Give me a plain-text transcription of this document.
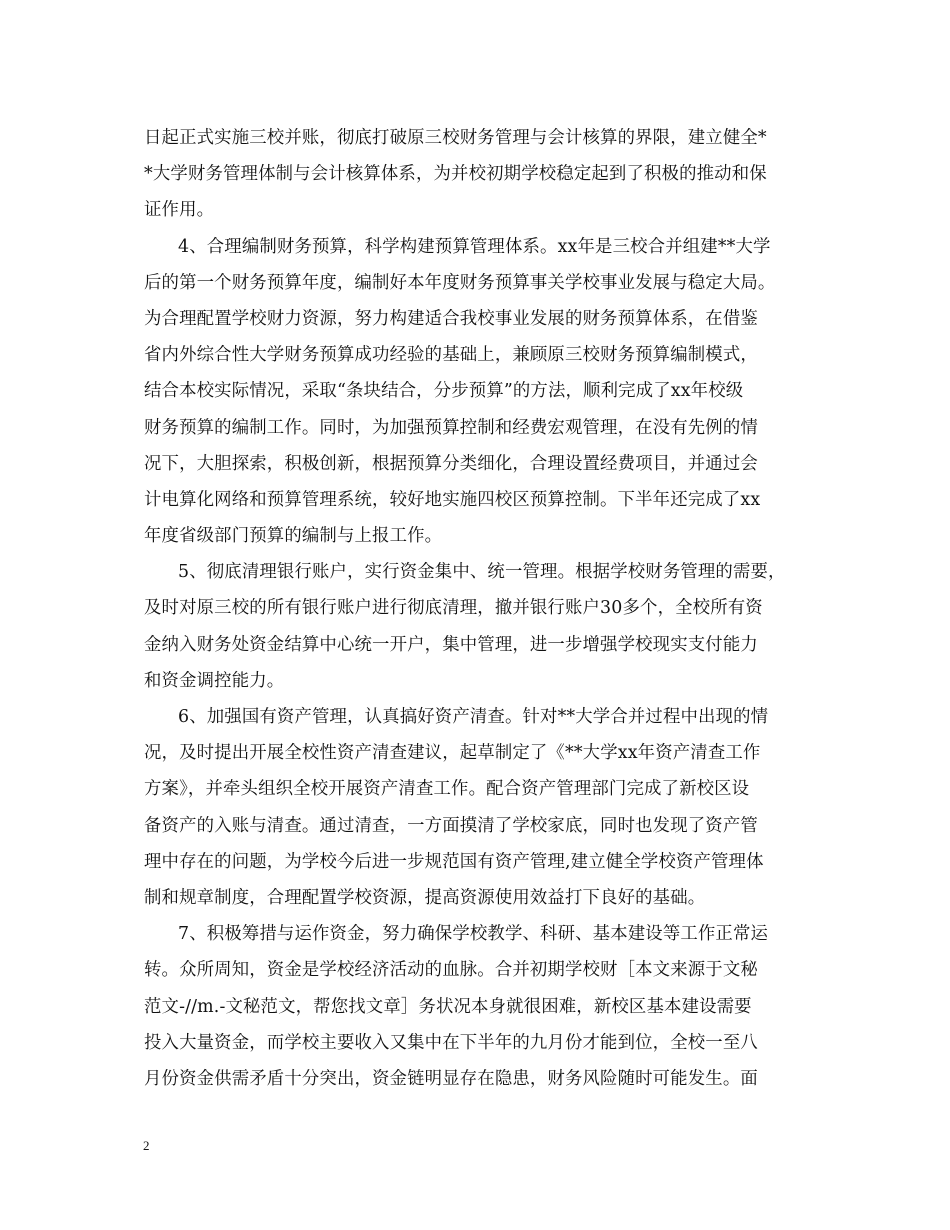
日起正式实施三校并账，彻底打破原三校财务管理与会计核算的界限，建立健全*
*大学财务管理体制与会计核算体系，为并校初期学校稳定起到了积极的推动和保
证作用。
4、合理编制财务预算，科学构建预算管理体系。xx年是三校合并组建**大学
后的第一个财务预算年度，编制好本年度财务预算事关学校事业发展与稳定大局。
为合理配置学校财力资源，努力构建适合我校事业发展的财务预算体系，在借鉴
省内外综合性大学财务预算成功经验的基础上，兼顾原三校财务预算编制模式，
结合本校实际情况，采取“条块结合，分步预算”的方法，顺利完成了xx年校级
财务预算的编制工作。同时，为加强预算控制和经费宏观管理，在没有先例的情
况下，大胆探索，积极创新，根据预算分类细化，合理设置经费项目，并通过会
计电算化网络和预算管理系统，较好地实施四校区预算控制。下半年还完成了xx
年度省级部门预算的编制与上报工作。
5、彻底清理银行账户，实行资金集中、统一管理。根据学校财务管理的需要，
及时对原三校的所有银行账户进行彻底清理，撤并银行账户30多个，全校所有资
金纳入财务处资金结算中心统一开户，集中管理，进一步增强学校现实支付能力
和资金调控能力。
6、加强国有资产管理，认真搞好资产清查。针对**大学合并过程中出现的情
况，及时提出开展全校性资产清查建议，起草制定了《**大学xx年资产清查工作
方案》，并牵头组织全校开展资产清查工作。配合资产管理部门完成了新校区设
备资产的入账与清查。通过清查，一方面摸清了学校家底，同时也发现了资产管
理中存在的问题，为学校今后进一步规范国有资产管理,建立健全学校资产管理体
制和规章制度，合理配置学校资源，提高资源使用效益打下良好的基础。
7、积极筹措与运作资金，努力确保学校教学、科研、基本建设等工作正常运
转。众所周知，资金是学校经济活动的血脉。合并初期学校财［本文来源于文秘
范文-//m.-文秘范文，帮您找文章］务状况本身就很困难，新校区基本建设需要
投入大量资金，而学校主要收入又集中在下半年的九月份才能到位，全校一至八
月份资金供需矛盾十分突出，资金链明显存在隐患，财务风险随时可能发生。面
2
